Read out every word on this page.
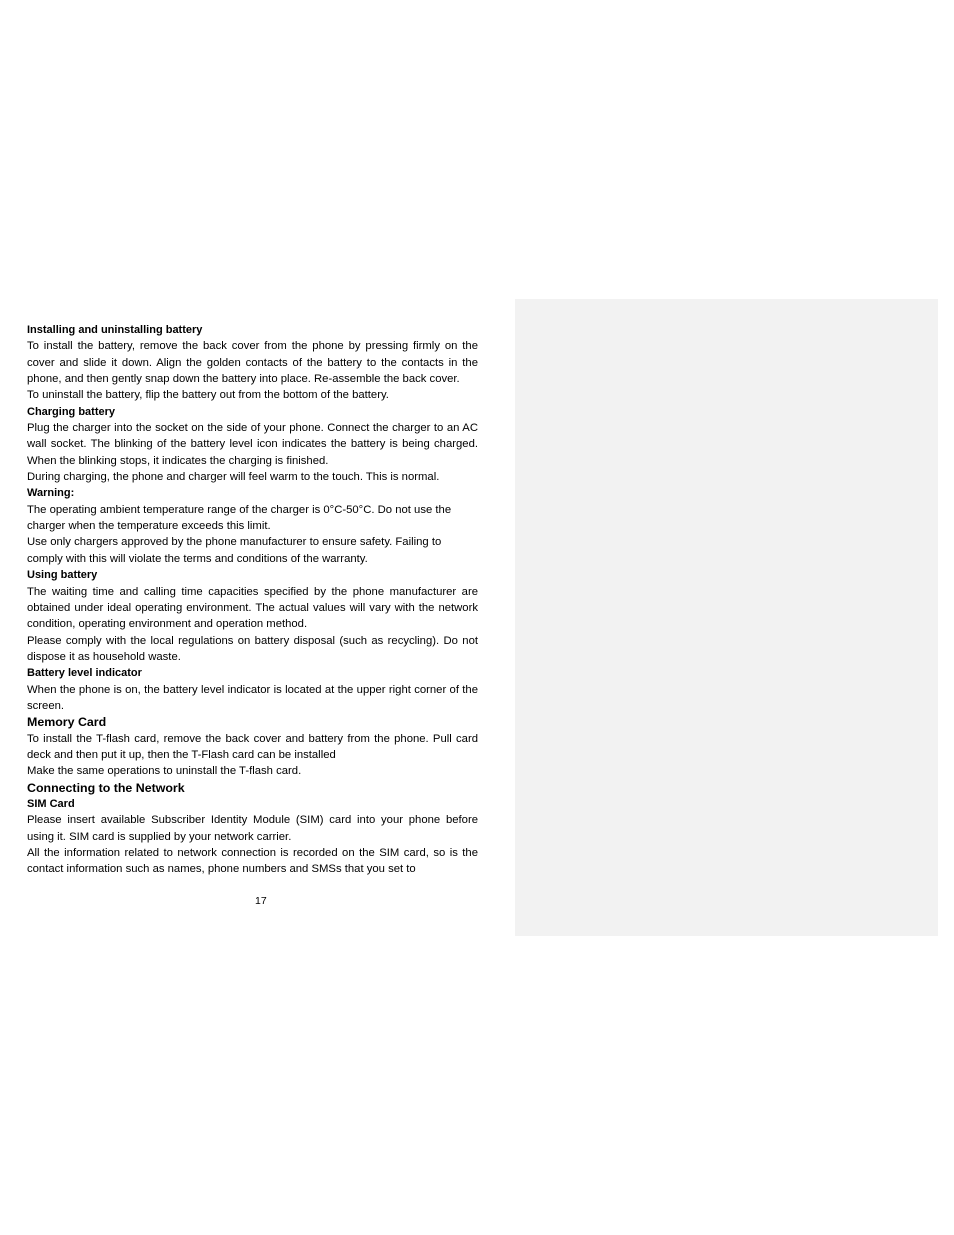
Installing and uninstalling battery

To install the battery, remove the back cover from the phone by pressing firmly on the cover and slide it down. Align the golden contacts of the battery to the contacts in the phone, and then gently snap down the battery into place. Re-assemble the back cover.

To uninstall the battery, flip the battery out from the bottom of the battery.

Charging battery

Plug the charger into the socket on the side of your phone. Connect the charger to an AC wall socket. The blinking of the battery level icon indicates the battery is being charged. When the blinking stops, it indicates the charging is finished.

During charging, the phone and charger will feel warm to the touch. This is normal.

Warning:

The operating ambient temperature range of the charger is 0°C-50°C. Do not use the charger when the temperature exceeds this limit.

Use only chargers approved by the phone manufacturer to ensure safety. Failing to comply with this will violate the terms and conditions of the warranty.

Using battery

The waiting time and calling time capacities specified by the phone manufacturer are obtained under ideal operating environment. The actual values will vary with the network condition, operating environment and operation method.

Please comply with the local regulations on battery disposal (such as recycling). Do not dispose it as household waste.

Battery level indicator

When the phone is on, the battery level indicator is located at the upper right corner of the screen.

Memory Card

To install the T-flash card, remove the back cover and battery from the phone. Pull card deck and then put it up, then the T-Flash card can be installed

Make the same operations to uninstall the T-flash card.

Connecting to the Network
SIM Card

Please insert available Subscriber Identity Module (SIM) card into your phone before using it. SIM card is supplied by your network carrier.

All the information related to network connection is recorded on the SIM card, so is the contact information such as names, phone numbers and SMSs that you set to

17
